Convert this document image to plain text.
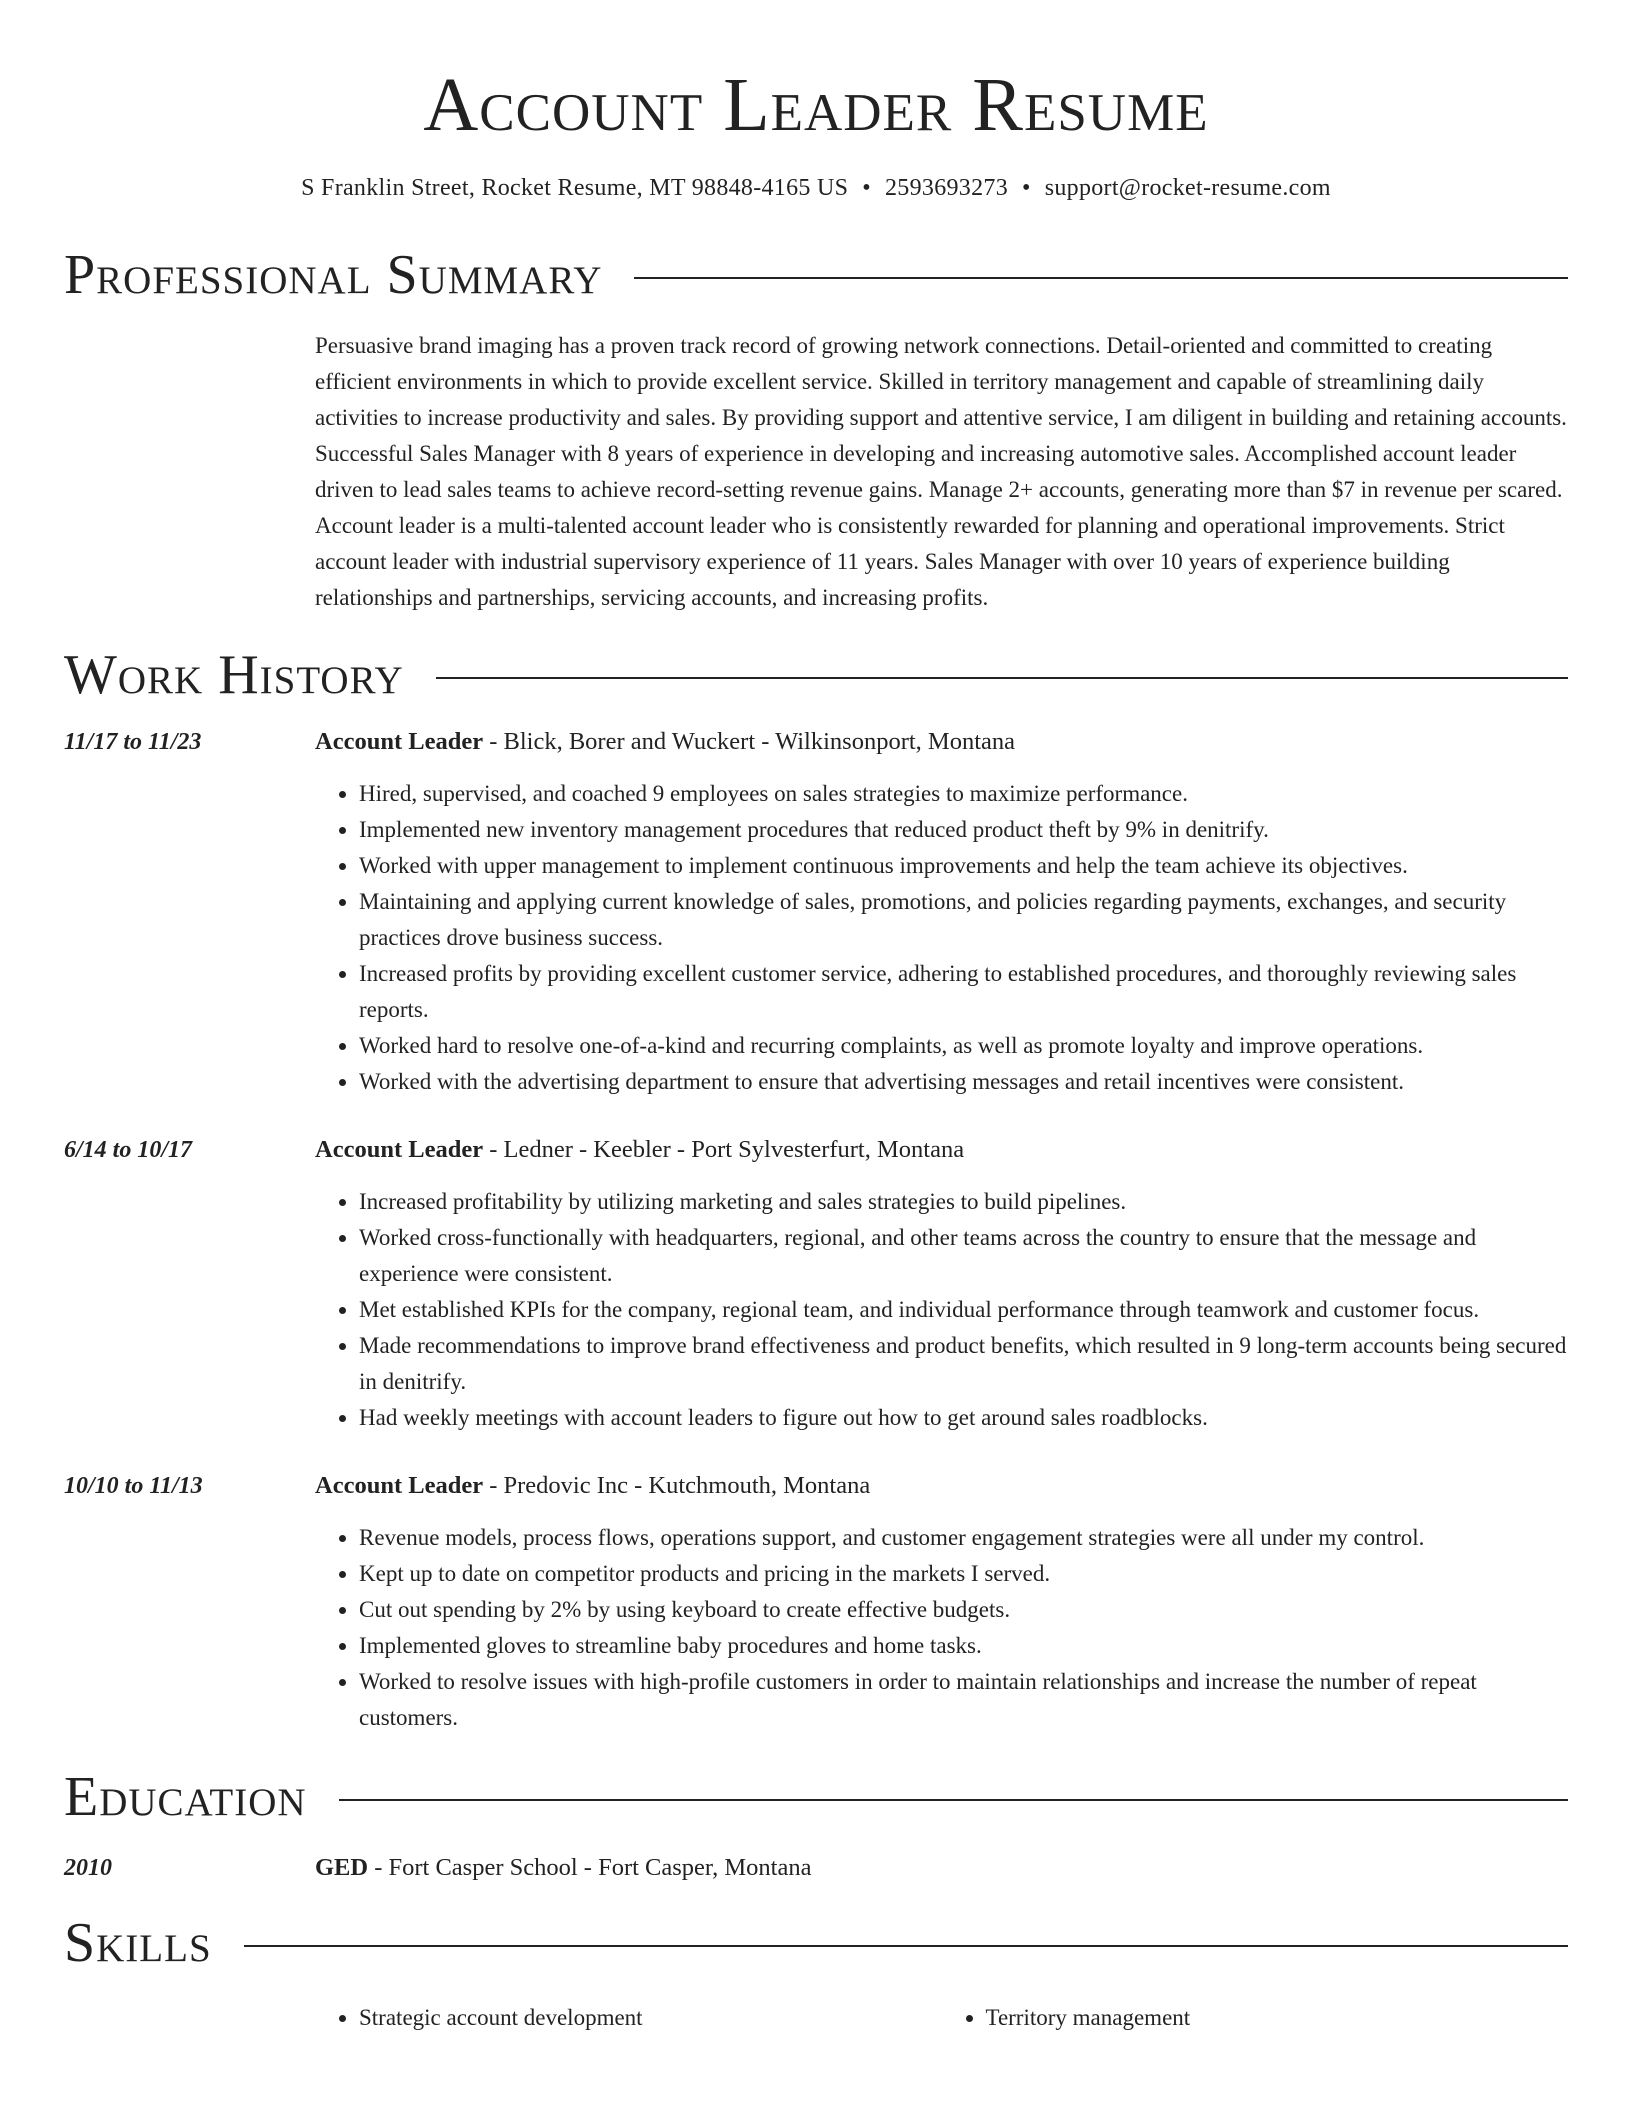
Account Leader Resume
S Franklin Street, Rocket Resume, MT 98848-4165 US • 2593693273 • support@rocket-resume.com
Professional Summary
Persuasive brand imaging has a proven track record of growing network connections. Detail-oriented and committed to creating efficient environments in which to provide excellent service. Skilled in territory management and capable of streamlining daily activities to increase productivity and sales. By providing support and attentive service, I am diligent in building and retaining accounts. Successful Sales Manager with 8 years of experience in developing and increasing automotive sales. Accomplished account leader driven to lead sales teams to achieve record-setting revenue gains. Manage 2+ accounts, generating more than $7 in revenue per scared. Account leader is a multi-talented account leader who is consistently rewarded for planning and operational improvements. Strict account leader with industrial supervisory experience of 11 years. Sales Manager with over 10 years of experience building relationships and partnerships, servicing accounts, and increasing profits.
Work History
11/17 to 11/23	Account Leader - Blick, Borer and Wuckert - Wilkinsonport, Montana
• Hired, supervised, and coached 9 employees on sales strategies to maximize performance.
• Implemented new inventory management procedures that reduced product theft by 9% in denitrify.
• Worked with upper management to implement continuous improvements and help the team achieve its objectives.
• Maintaining and applying current knowledge of sales, promotions, and policies regarding payments, exchanges, and security practices drove business success.
• Increased profits by providing excellent customer service, adhering to established procedures, and thoroughly reviewing sales reports.
• Worked hard to resolve one-of-a-kind and recurring complaints, as well as promote loyalty and improve operations.
• Worked with the advertising department to ensure that advertising messages and retail incentives were consistent.
6/14 to 10/17	Account Leader - Ledner - Keebler - Port Sylvesterfurt, Montana
• Increased profitability by utilizing marketing and sales strategies to build pipelines.
• Worked cross-functionally with headquarters, regional, and other teams across the country to ensure that the message and experience were consistent.
• Met established KPIs for the company, regional team, and individual performance through teamwork and customer focus.
• Made recommendations to improve brand effectiveness and product benefits, which resulted in 9 long-term accounts being secured in denitrify.
• Had weekly meetings with account leaders to figure out how to get around sales roadblocks.
10/10 to 11/13	Account Leader - Predovic Inc - Kutchmouth, Montana
• Revenue models, process flows, operations support, and customer engagement strategies were all under my control.
• Kept up to date on competitor products and pricing in the markets I served.
• Cut out spending by 2% by using keyboard to create effective budgets.
• Implemented gloves to streamline baby procedures and home tasks.
• Worked to resolve issues with high-profile customers in order to maintain relationships and increase the number of repeat customers.
Education
2010	GED - Fort Casper School - Fort Casper, Montana
Skills
• Strategic account development
•	Territory management
